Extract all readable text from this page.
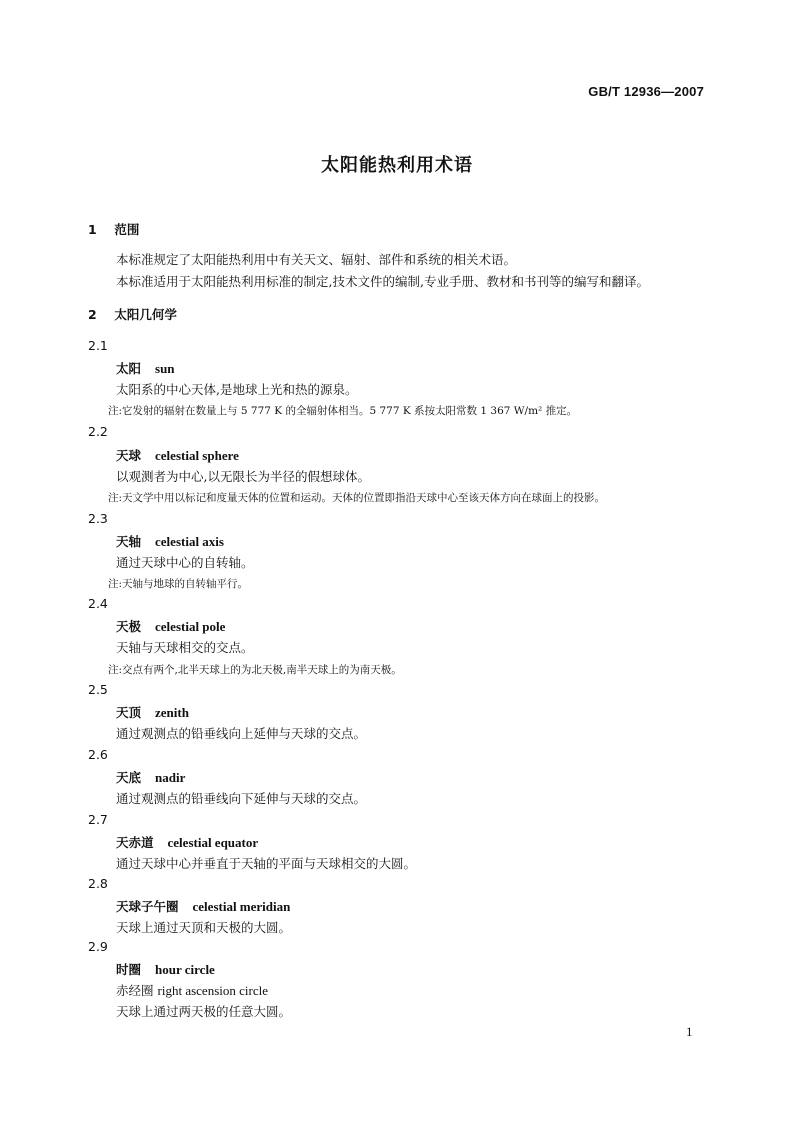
GB/T 12936—2007
太阳能热利用术语
1 范围
本标准规定了太阳能热利用中有关天文、辐射、部件和系统的相关术语。
本标准适用于太阳能热利用标准的制定,技术文件的编制,专业手册、教材和书刊等的编写和翻译。
2 太阳几何学
2.1
太阳 sun
太阳系的中心天体,是地球上光和热的源泉。
注:它发射的辐射在数量上与 5 777 K 的全辐射体相当。5 777 K 系按太阳常数 1 367 W/m² 推定。
2.2
天球 celestial sphere
以观测者为中心,以无限长为半径的假想球体。
注:天文学中用以标记和度量天体的位置和运动。天体的位置即指沿天球中心至该天体方向在球面上的投影。
2.3
天轴 celestial axis
通过天球中心的自转轴。
注:天轴与地球的自转轴平行。
2.4
天极 celestial pole
天轴与天球相交的交点。
注:交点有两个,北半天球上的为北天极,南半天球上的为南天极。
2.5
天顶 zenith
通过观测点的铅垂线向上延伸与天球的交点。
2.6
天底 nadir
通过观测点的铅垂线向下延伸与天球的交点。
2.7
天赤道 celestial equator
通过天球中心并垂直于天轴的平面与天球相交的大圆。
2.8
天球子午圈 celestial meridian
天球上通过天顶和天极的大圆。
2.9
时圈 hour circle
赤经圈 right ascension circle
天球上通过两天极的任意大圆。
1
